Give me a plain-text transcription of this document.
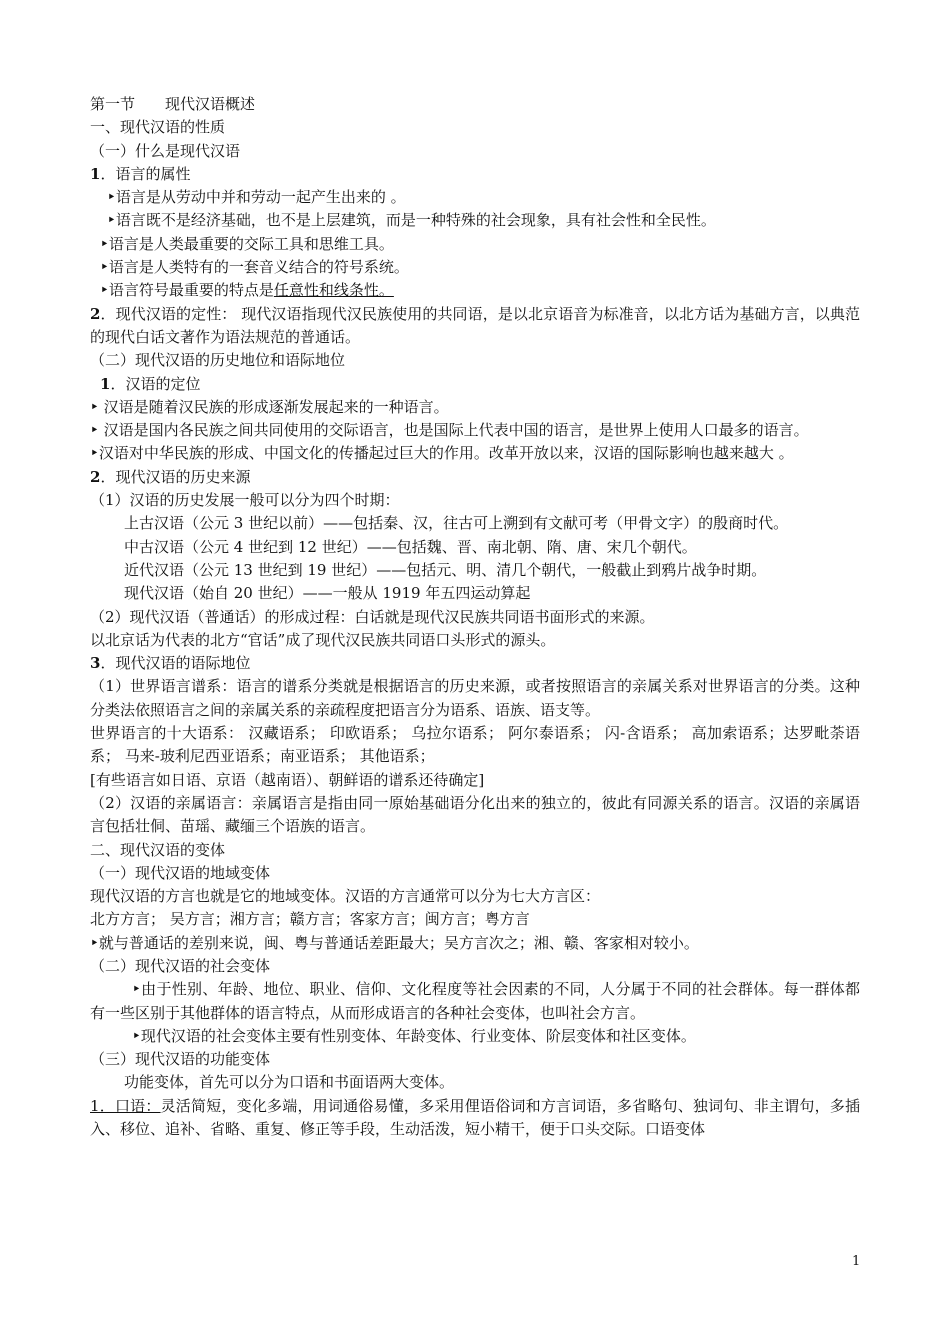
第一节　　现代汉语概述
一、现代汉语的性质
（一）什么是现代汉语
1．语言的属性
‣语言是从劳动中并和劳动一起产生出来的 。
‣语言既不是经济基础，也不是上层建筑，而是一种特殊的社会现象，具有社会性和全民性。
‣语言是人类最重要的交际工具和思维工具。
‣语言是人类特有的一套音义结合的符号系统。
‣语言符号最重要的特点是任意性和线条性。
2．现代汉语的定性： 现代汉语指现代汉民族使用的共同语，是以北京语音为标准音，以北方话为基础方言，以典范的现代白话文著作为语法规范的普通话。
（二）现代汉语的历史地位和语际地位
1．汉语的定位
‣ 汉语是随着汉民族的形成逐渐发展起来的一种语言。
‣ 汉语是国内各民族之间共同使用的交际语言，也是国际上代表中国的语言，是世界上使用人口最多的语言。
‣汉语对中华民族的形成、中国文化的传播起过巨大的作用。改革开放以来，汉语的国际影响也越来越大 。
2．现代汉语的历史来源
（1）汉语的历史发展一般可以分为四个时期：
上古汉语（公元 3 世纪以前）——包括秦、汉，往古可上溯到有文献可考（甲骨文字）的殷商时代。
中古汉语（公元 4 世纪到 12 世纪）——包括魏、晋、南北朝、隋、唐、宋几个朝代。
近代汉语（公元 13 世纪到 19 世纪）——包括元、明、清几个朝代，一般截止到鸦片战争时期。
现代汉语（始自 20 世纪）——一般从 1919 年五四运动算起
（2）现代汉语（普通话）的形成过程：白话就是现代汉民族共同语书面形式的来源。
以北京话为代表的北方“官话”成了现代汉民族共同语口头形式的源头。
3．现代汉语的语际地位
（1）世界语言谱系：语言的谱系分类就是根据语言的历史来源，或者按照语言的亲属关系对世界语言的分类。这种分类法依照语言之间的亲属关系的亲疏程度把语言分为语系、语族、语支等。
世界语言的十大语系： 汉藏语系； 印欧语系； 乌拉尔语系； 阿尔泰语系； 闪-含语系； 高加索语系；达罗毗荼语系； 马来-玻利尼西亚语系；南亚语系； 其他语系；
[有些语言如日语、京语（越南语）、朝鲜语的谱系还待确定]
（2）汉语的亲属语言：亲属语言是指由同一原始基础语分化出来的独立的，彼此有同源关系的语言。汉语的亲属语言包括壮侗、苗瑶、藏缅三个语族的语言。
二、现代汉语的变体
（一）现代汉语的地域变体
现代汉语的方言也就是它的地域变体。汉语的方言通常可以分为七大方言区：
北方方言； 吴方言；湘方言；赣方言；客家方言；闽方言；粤方言
‣就与普通话的差别来说，闽、粤与普通话差距最大；吴方言次之；湘、赣、客家相对较小。
（二）现代汉语的社会变体
‣由于性别、年龄、地位、职业、信仰、文化程度等社会因素的不同，人分属于不同的社会群体。每一群体都有一些区别于其他群体的语言特点，从而形成语言的各种社会变体，也叫社会方言。
‣现代汉语的社会变体主要有性别变体、年龄变体、行业变体、阶层变体和社区变体。
（三）现代汉语的功能变体
功能变体，首先可以分为口语和书面语两大变体。
1．口语：灵活简短，变化多端，用词通俗易懂，多采用俚语俗词和方言词语，多省略句、独词句、非主谓句，多插入、移位、追补、省略、重复、修正等手段，生动活泼，短小精干，便于口头交际。口语变体
1
